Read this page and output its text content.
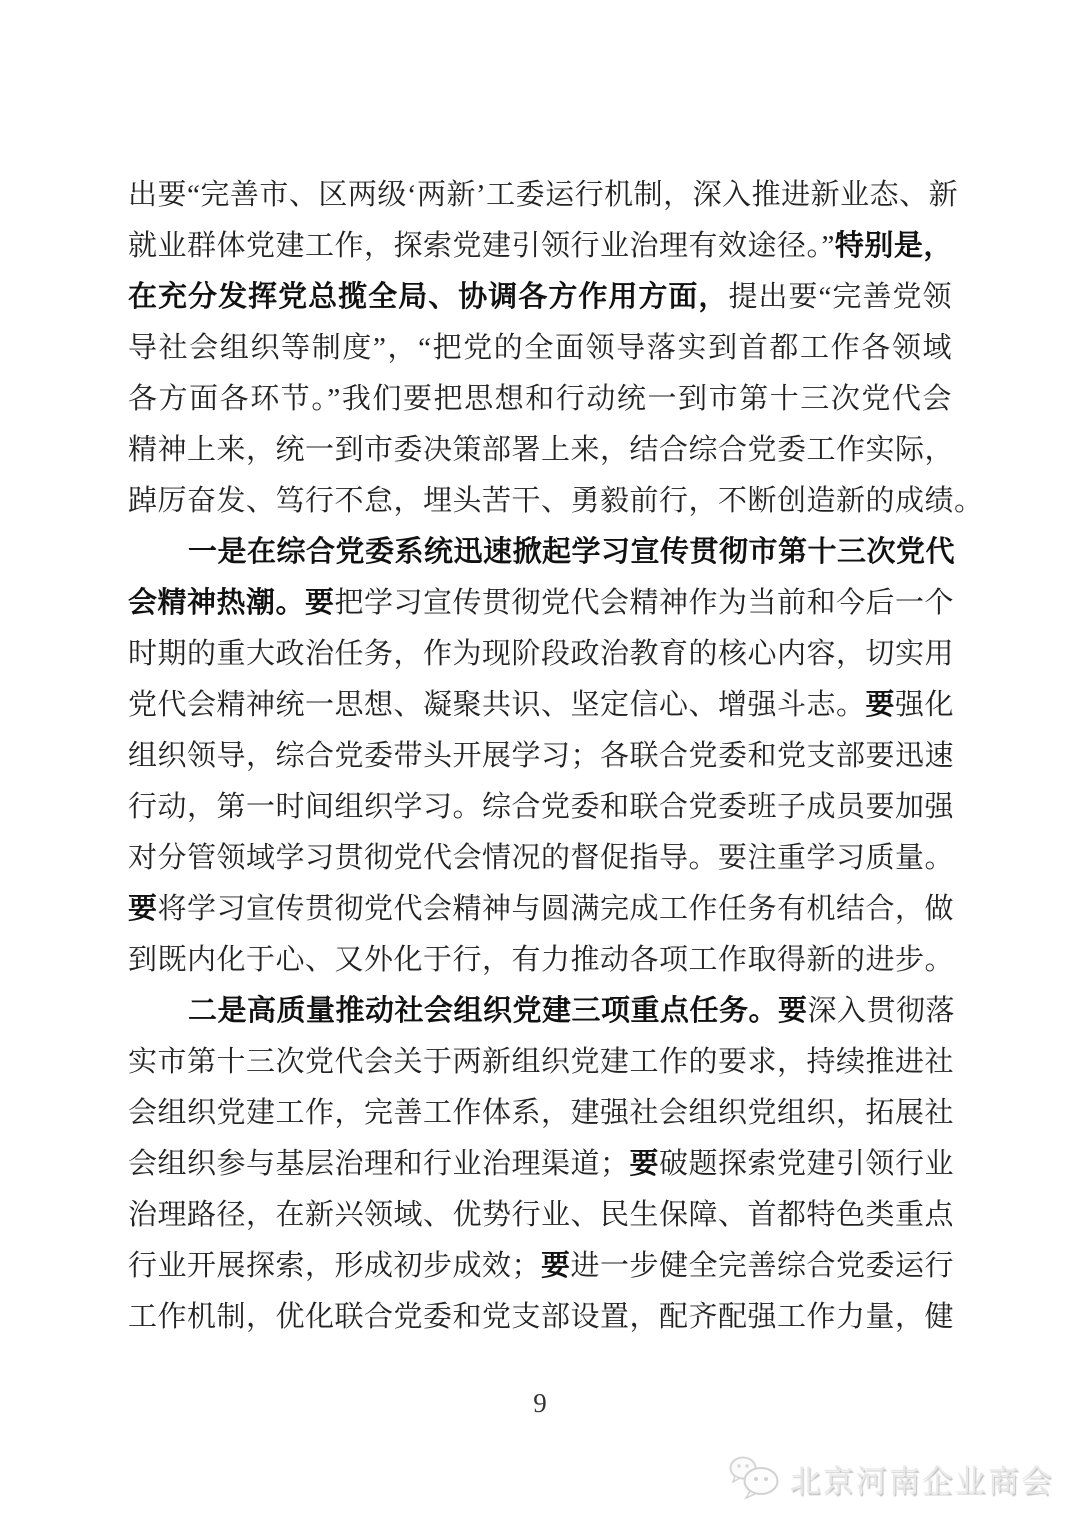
出要“完善市、区两级‘两新’工委运行机制，深入推进新业态、新
就业群体党建工作，探索党建引领行业治理有效途径。”特别是，
在充分发挥党总揽全局、协调各方作用方面，提出要“完善党领
导社会组织等制度”，“把党的全面领导落实到首都工作各领域
各方面各环节。”我们要把思想和行动统一到市第十三次党代会
精神上来，统一到市委决策部署上来，结合综合党委工作实际，
踔厉奋发、笃行不怠，埋头苦干、勇毅前行，不断创造新的成绩。
一是在综合党委系统迅速掀起学习宣传贯彻市第十三次党代
会精神热潮。要把学习宣传贯彻党代会精神作为当前和今后一个
时期的重大政治任务，作为现阶段政治教育的核心内容，切实用
党代会精神统一思想、凝聚共识、坚定信心、增强斗志。要强化
组织领导，综合党委带头开展学习；各联合党委和党支部要迅速
行动，第一时间组织学习。综合党委和联合党委班子成员要加强
对分管领域学习贯彻党代会情况的督促指导。要注重学习质量。
要将学习宣传贯彻党代会精神与圆满完成工作任务有机结合，做
到既内化于心、又外化于行，有力推动各项工作取得新的进步。
二是高质量推动社会组织党建三项重点任务。要深入贯彻落
实市第十三次党代会关于两新组织党建工作的要求，持续推进社
会组织党建工作，完善工作体系，建强社会组织党组织，拓展社
会组织参与基层治理和行业治理渠道；要破题探索党建引领行业
治理路径，在新兴领域、优势行业、民生保障、首都特色类重点
行业开展探索，形成初步成效；要进一步健全完善综合党委运行
工作机制，优化联合党委和党支部设置，配齐配强工作力量，健
9
北京河南企业商会
